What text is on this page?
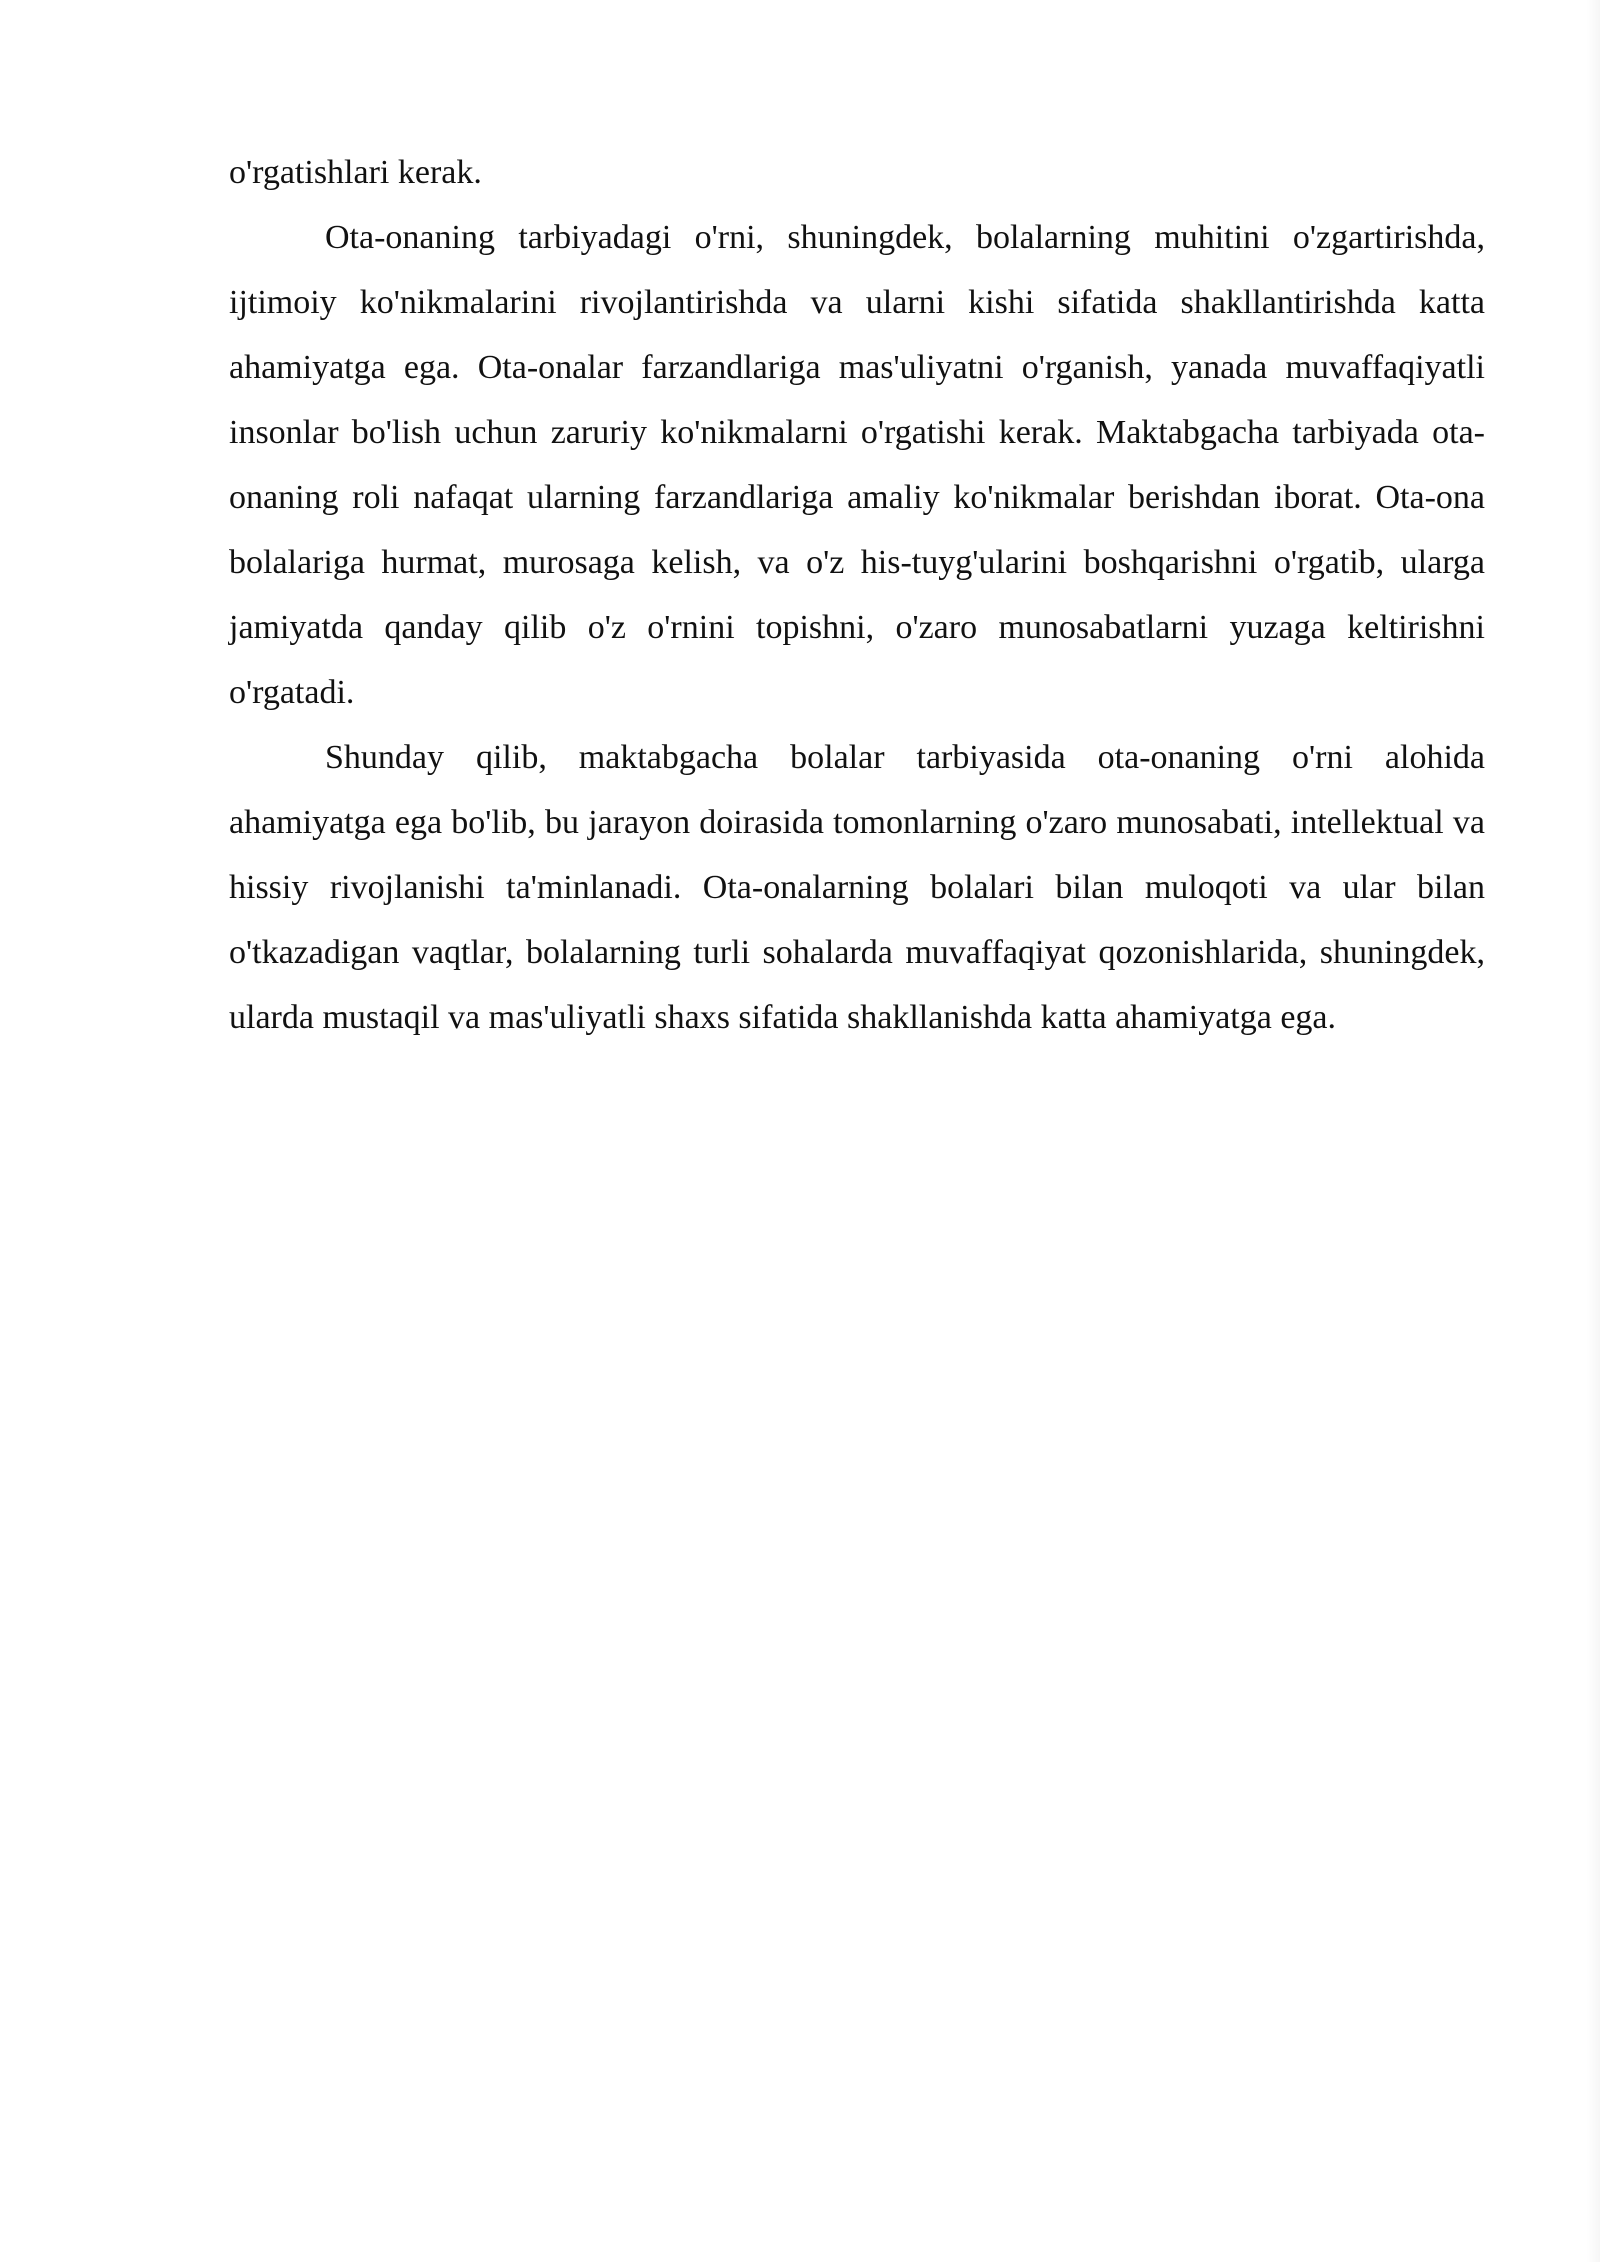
o'rgatishlari kerak.

Ota-onaning tarbiyadagi o'rni, shuningdek, bolalarning muhitini o'zgartirishda, ijtimoiy ko'nikmalarini rivojlantirishda va ularni kishi sifatida shakllantirishda katta ahamiyatga ega. Ota-onalar farzandlariga mas'uliyatni o'rganish, yanada muvaffaqiyatli insonlar bo'lish uchun zaruriy ko'nikmalarni o'rgatishi kerak. Maktabgacha tarbiyada ota-onaning roli nafaqat ularning farzandlariga amaliy ko'nikmalar berishdan iborat. Ota-ona bolalariga hurmat, murosaga kelish, va o'z his-tuyg'ularini boshqarishni o'rgatib, ularga jamiyatda qanday qilib o'z o'rnini topishni, o'zaro munosabatlarni yuzaga keltirishni o'rgatadi.

Shunday qilib, maktabgacha bolalar tarbiyasida ota-onaning o'rni alohida ahamiyatga ega bo'lib, bu jarayon doirasida tomonlarning o'zaro munosabati, intellektual va hissiy rivojlanishi ta'minlanadi. Ota-onalarning bolalari bilan muloqoti va ular bilan o'tkazadigan vaqtlar, bolalarning turli sohalarda muvaffaqiyat qozonishlarida, shuningdek, ularda mustaqil va mas'uliyatli shaxs sifatida shakllanishda katta ahamiyatga ega.
